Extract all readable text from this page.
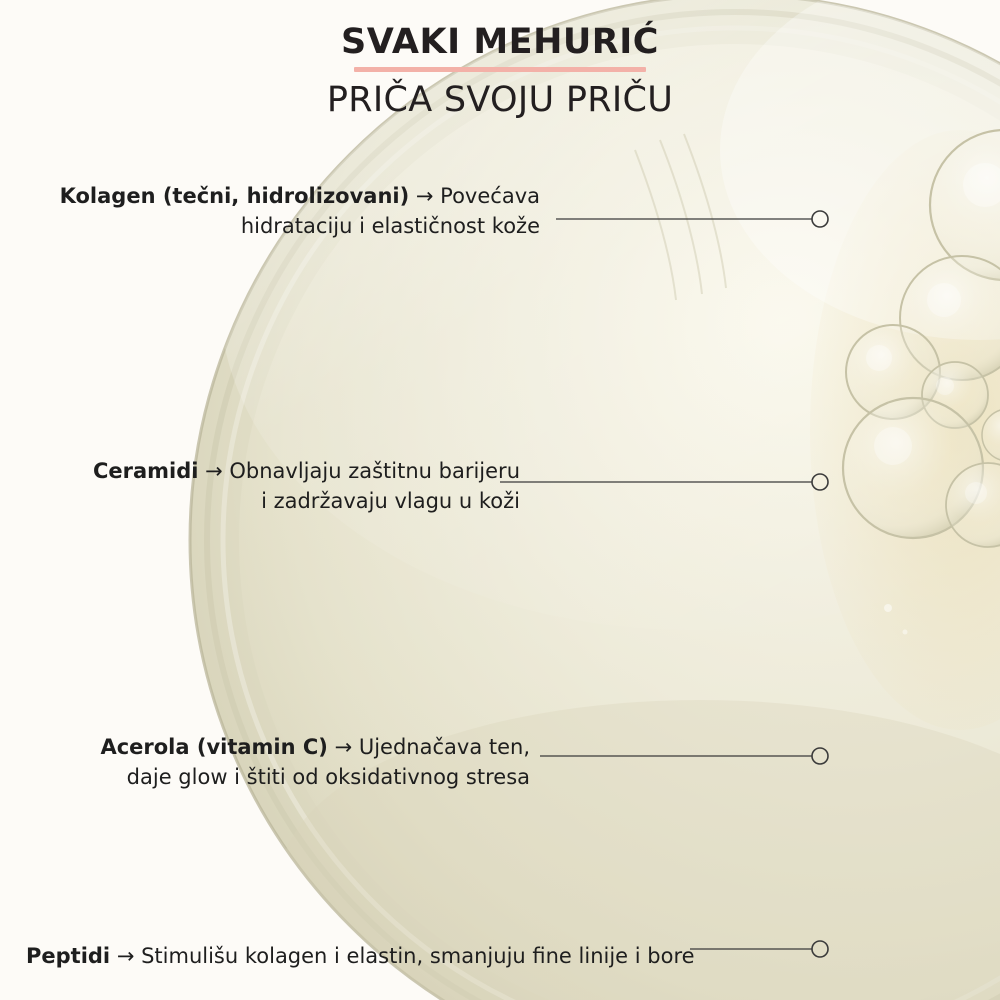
SVAKI MEHURIĆ
PRIČA SVOJU PRIČU
Kolagen (tečni, hidrolizovani) → Povećava
hidrataciju i elastičnost kože
Ceramidi → Obnavljaju zaštitnu barijeru
i zadržavaju vlagu u koži
Acerola (vitamin C) → Ujednačava ten,
daje glow i štiti od oksidativnog stresa
Peptidi → Stimulišu kolagen i elastin, smanjuju fine linije i bore
